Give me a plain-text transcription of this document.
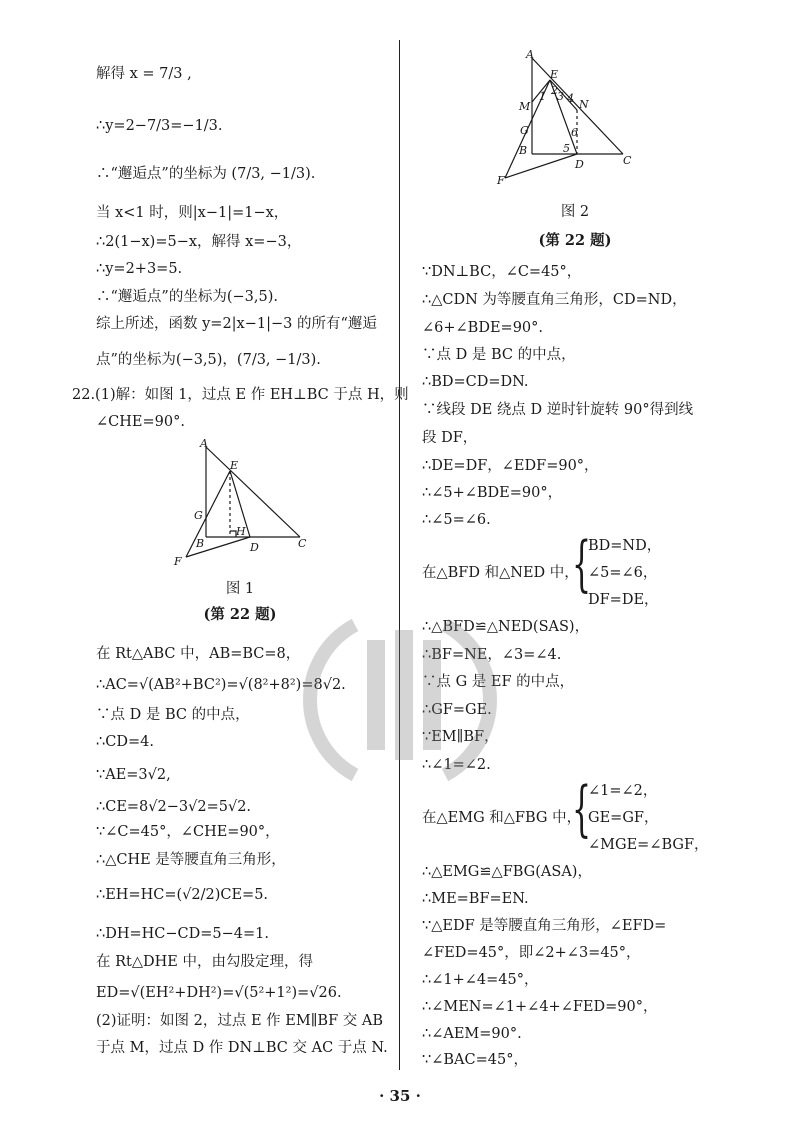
解得 x = 7/3 ,
∴y=2−7/3=−1/3.
∴“邂逅点”的坐标为 (7/3, −1/3).
当 x<1 时，则|x−1|=1−x，
∴2(1−x)=5−x，解得 x=−3，
∴y=2+3=5.
∴“邂逅点”的坐标为(−3,5).
综上所述，函数 y=2|x−1|−3 的所有“邂逅
点”的坐标为(−3,5)，(7/3, −1/3).
22.(1)解：如图 1，过点 E 作 EH⊥BC 于点 H，则
∠CHE=90°.
A
E
G
H
B	D	C
F
图 1
(第 22 题)
在 Rt△ABC 中，AB=BC=8，
∴AC=√(AB²+BC²)=√(8²+8²)=8√2.
∵点 D 是 BC 的中点，
∴CD=4.
∵AE=3√2,
∴CE=8√2−3√2=5√2.
∵∠C=45°，∠CHE=90°，
∴△CHE 是等腰直角三角形，
∴EH=HC=(√2/2)CE=5.
∴DH=HC−CD=5−4=1.
在 Rt△DHE 中，由勾股定理，得
ED=√(EH²+DH²)=√(5²+1²)=√26.
(2)证明：如图 2，过点 E 作 EM∥BF 交 AB
于点 M，过点 D 作 DN⊥BC 交 AC 于点 N.
A
E
N
M
G
B
D	C
F
1 2 3 4
5
6
图 2
(第 22 题)
∵DN⊥BC，∠C=45°，
∴△CDN 为等腰直角三角形，CD=ND，
∠6+∠BDE=90°.
∵点 D 是 BC 的中点，
∴BD=CD=DN.
∵线段 DE 绕点 D 逆时针旋转 90°得到线
段 DF，
∴DE=DF，∠EDF=90°，
∴∠5+∠BDE=90°，
∴∠5=∠6.
在△BFD 和△NED 中，
{
BD=ND，
∠5=∠6，
DF=DE，
∴△BFD≌△NED(SAS)，
∴BF=NE，∠3=∠4.
∵点 G 是 EF 的中点，
∴GF=GE.
∵EM∥BF，
∴∠1=∠2.
在△EMG 和△FBG 中，
{
∠1=∠2，
GE=GF，
∠MGE=∠BGF，
∴△EMG≌△FBG(ASA)，
∴ME=BF=EN.
∵△EDF 是等腰直角三角形，∠EFD=
∠FED=45°，即∠2+∠3=45°，
∴∠1+∠4=45°，
∴∠MEN=∠1+∠4+∠FED=90°，
∴∠AEM=90°.
∵∠BAC=45°，
· 35 ·
